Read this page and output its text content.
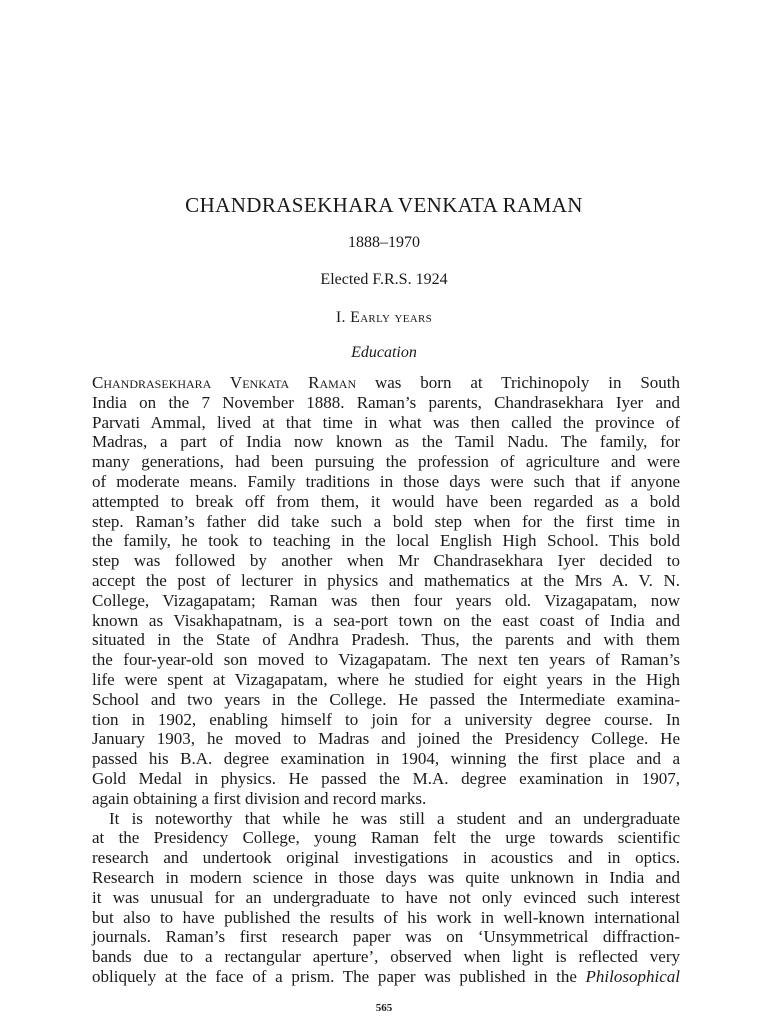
CHANDRASEKHARA VENKATA RAMAN
1888–1970
Elected F.R.S. 1924
I. Early years
Education
Chandrasekhara Venkata Raman was born at Trichinopoly in South
India on the 7 November 1888. Raman’s parents, Chandrasekhara Iyer and
Parvati Ammal, lived at that time in what was then called the province of
Madras, a part of India now known as the Tamil Nadu. The family, for
many generations, had been pursuing the profession of agriculture and were
of moderate means. Family traditions in those days were such that if anyone
attempted to break off from them, it would have been regarded as a bold
step. Raman’s father did take such a bold step when for the first time in
the family, he took to teaching in the local English High School. This bold
step was followed by another when Mr Chandrasekhara Iyer decided to
accept the post of lecturer in physics and mathematics at the Mrs A. V. N.
College, Vizagapatam; Raman was then four years old. Vizagapatam, now
known as Visakhapatnam, is a sea-port town on the east coast of India and
situated in the State of Andhra Pradesh. Thus, the parents and with them
the four-year-old son moved to Vizagapatam. The next ten years of Raman’s
life were spent at Vizagapatam, where he studied for eight years in the High
School and two years in the College. He passed the Intermediate examina-
tion in 1902, enabling himself to join for a university degree course. In
January 1903, he moved to Madras and joined the Presidency College. He
passed his B.A. degree examination in 1904, winning the first place and a
Gold Medal in physics. He passed the M.A. degree examination in 1907,
again obtaining a first division and record marks.
It is noteworthy that while he was still a student and an undergraduate
at the Presidency College, young Raman felt the urge towards scientific
research and undertook original investigations in acoustics and in optics.
Research in modern science in those days was quite unknown in India and
it was unusual for an undergraduate to have not only evinced such interest
but also to have published the results of his work in well-known international
journals. Raman’s first research paper was on ‘Unsymmetrical diffraction-
bands due to a rectangular aperture’, observed when light is reflected very
obliquely at the face of a prism. The paper was published in the Philosophical
565
